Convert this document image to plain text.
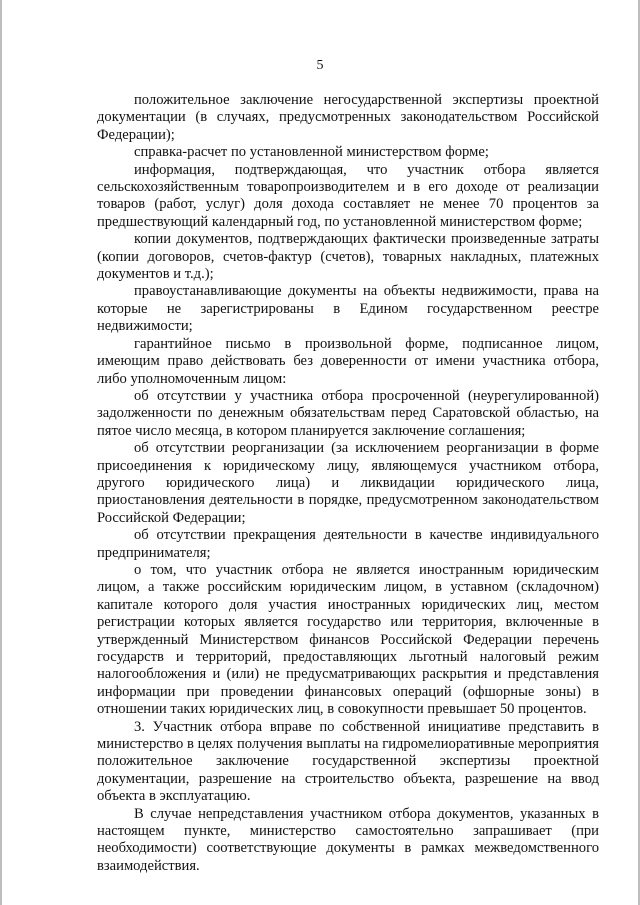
5

положительное заключение негосударственной экспертизы проектной документации (в случаях, предусмотренных законодательством Российской Федерации);

справка-расчет по установленной министерством форме;

информация, подтверждающая, что участник отбора является сельскохозяйственным товаропроизводителем и в его доходе от реализации товаров (работ, услуг) доля дохода составляет не менее 70 процентов за предшествующий календарный год, по установленной министерством форме;

копии документов, подтверждающих фактически произведенные затраты (копии договоров, счетов-фактур (счетов), товарных накладных, платежных документов и т.д.);

правоустанавливающие документы на объекты недвижимости, права на которые не зарегистрированы в Едином государственном реестре недвижимости;

гарантийное письмо в произвольной форме, подписанное лицом, имеющим право действовать без доверенности от имени участника отбора, либо уполномоченным лицом:

об отсутствии у участника отбора просроченной (неурегулированной) задолженности по денежным обязательствам перед Саратовской областью, на пятое число месяца, в котором планируется заключение соглашения;

об отсутствии реорганизации (за исключением реорганизации в форме присоединения к юридическому лицу, являющемуся участником отбора, другого юридического лица) и ликвидации юридического лица, приостановления деятельности в порядке, предусмотренном законодательством Российской Федерации;

об отсутствии прекращения деятельности в качестве индивидуального предпринимателя;

о том, что участник отбора не является иностранным юридическим лицом, а также российским юридическим лицом, в уставном (складочном) капитале которого доля участия иностранных юридических лиц, местом регистрации которых является государство или территория, включенные в утвержденный Министерством финансов Российской Федерации перечень государств и территорий, предоставляющих льготный налоговый режим налогообложения и (или) не предусматривающих раскрытия и представления информации при проведении финансовых операций (офшорные зоны) в отношении таких юридических лиц, в совокупности превышает 50 процентов.

3. Участник отбора вправе по собственной инициативе представить в министерство в целях получения выплаты на гидромелиоративные мероприятия положительное заключение государственной экспертизы проектной документации, разрешение на строительство объекта, разрешение на ввод объекта в эксплуатацию.

В случае непредставления участником отбора документов, указанных в настоящем пункте, министерство самостоятельно запрашивает (при необходимости) соответствующие документы в рамках межведомственного взаимодействия.
